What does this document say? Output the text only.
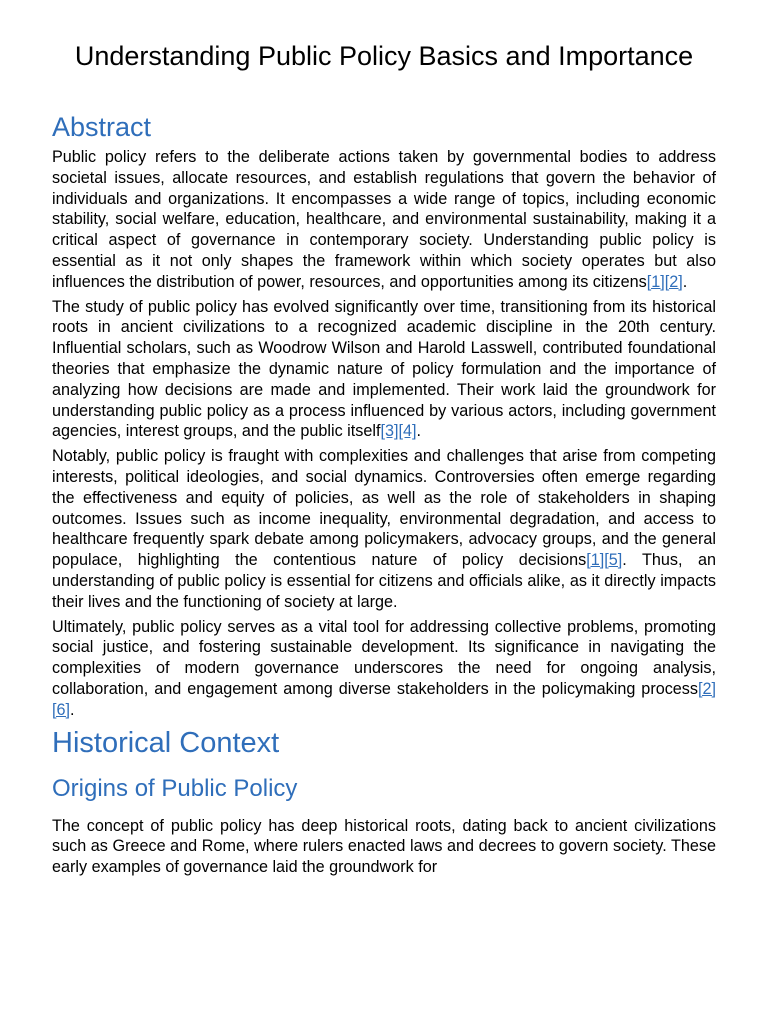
Understanding Public Policy Basics and Importance
Abstract

Public policy refers to the deliberate actions taken by governmental bodies to address societal issues, allocate resources, and establish regulations that govern the behavior of individuals and organizations. It encompasses a wide range of topics, including economic stability, social welfare, education, healthcare, and environmental sustainability, making it a critical aspect of governance in contemporary society. Understanding public policy is essential as it not only shapes the framework within which society operates but also influences the distribution of power, resources, and opportunities among its citizens[1][2].

The study of public policy has evolved significantly over time, transitioning from its historical roots in ancient civilizations to a recognized academic discipline in the 20th century. Influential scholars, such as Woodrow Wilson and Harold Lasswell, contributed foundational theories that emphasize the dynamic nature of policy formulation and the importance of analyzing how decisions are made and implemented. Their work laid the groundwork for understanding public policy as a process influenced by various actors, including government agencies, interest groups, and the public itself[3][4].

Notably, public policy is fraught with complexities and challenges that arise from competing interests, political ideologies, and social dynamics. Controversies often emerge regarding the effectiveness and equity of policies, as well as the role of stakeholders in shaping outcomes. Issues such as income inequality, environmental degradation, and access to healthcare frequently spark debate among policymakers, advocacy groups, and the general populace, highlighting the contentious nature of policy decisions[1][5]. Thus, an understanding of public policy is essential for citizens and officials alike, as it directly impacts their lives and the functioning of society at large.

Ultimately, public policy serves as a vital tool for addressing collective problems, promoting social justice, and fostering sustainable development. Its significance in navigating the complexities of modern governance underscores the need for ongoing analysis, collaboration, and engagement among diverse stakeholders in the policymaking process[2][6].

Historical Context
Origins of Public Policy

The concept of public policy has deep historical roots, dating back to ancient civilizations such as Greece and Rome, where rulers enacted laws and decrees to govern society. These early examples of governance laid the groundwork for
